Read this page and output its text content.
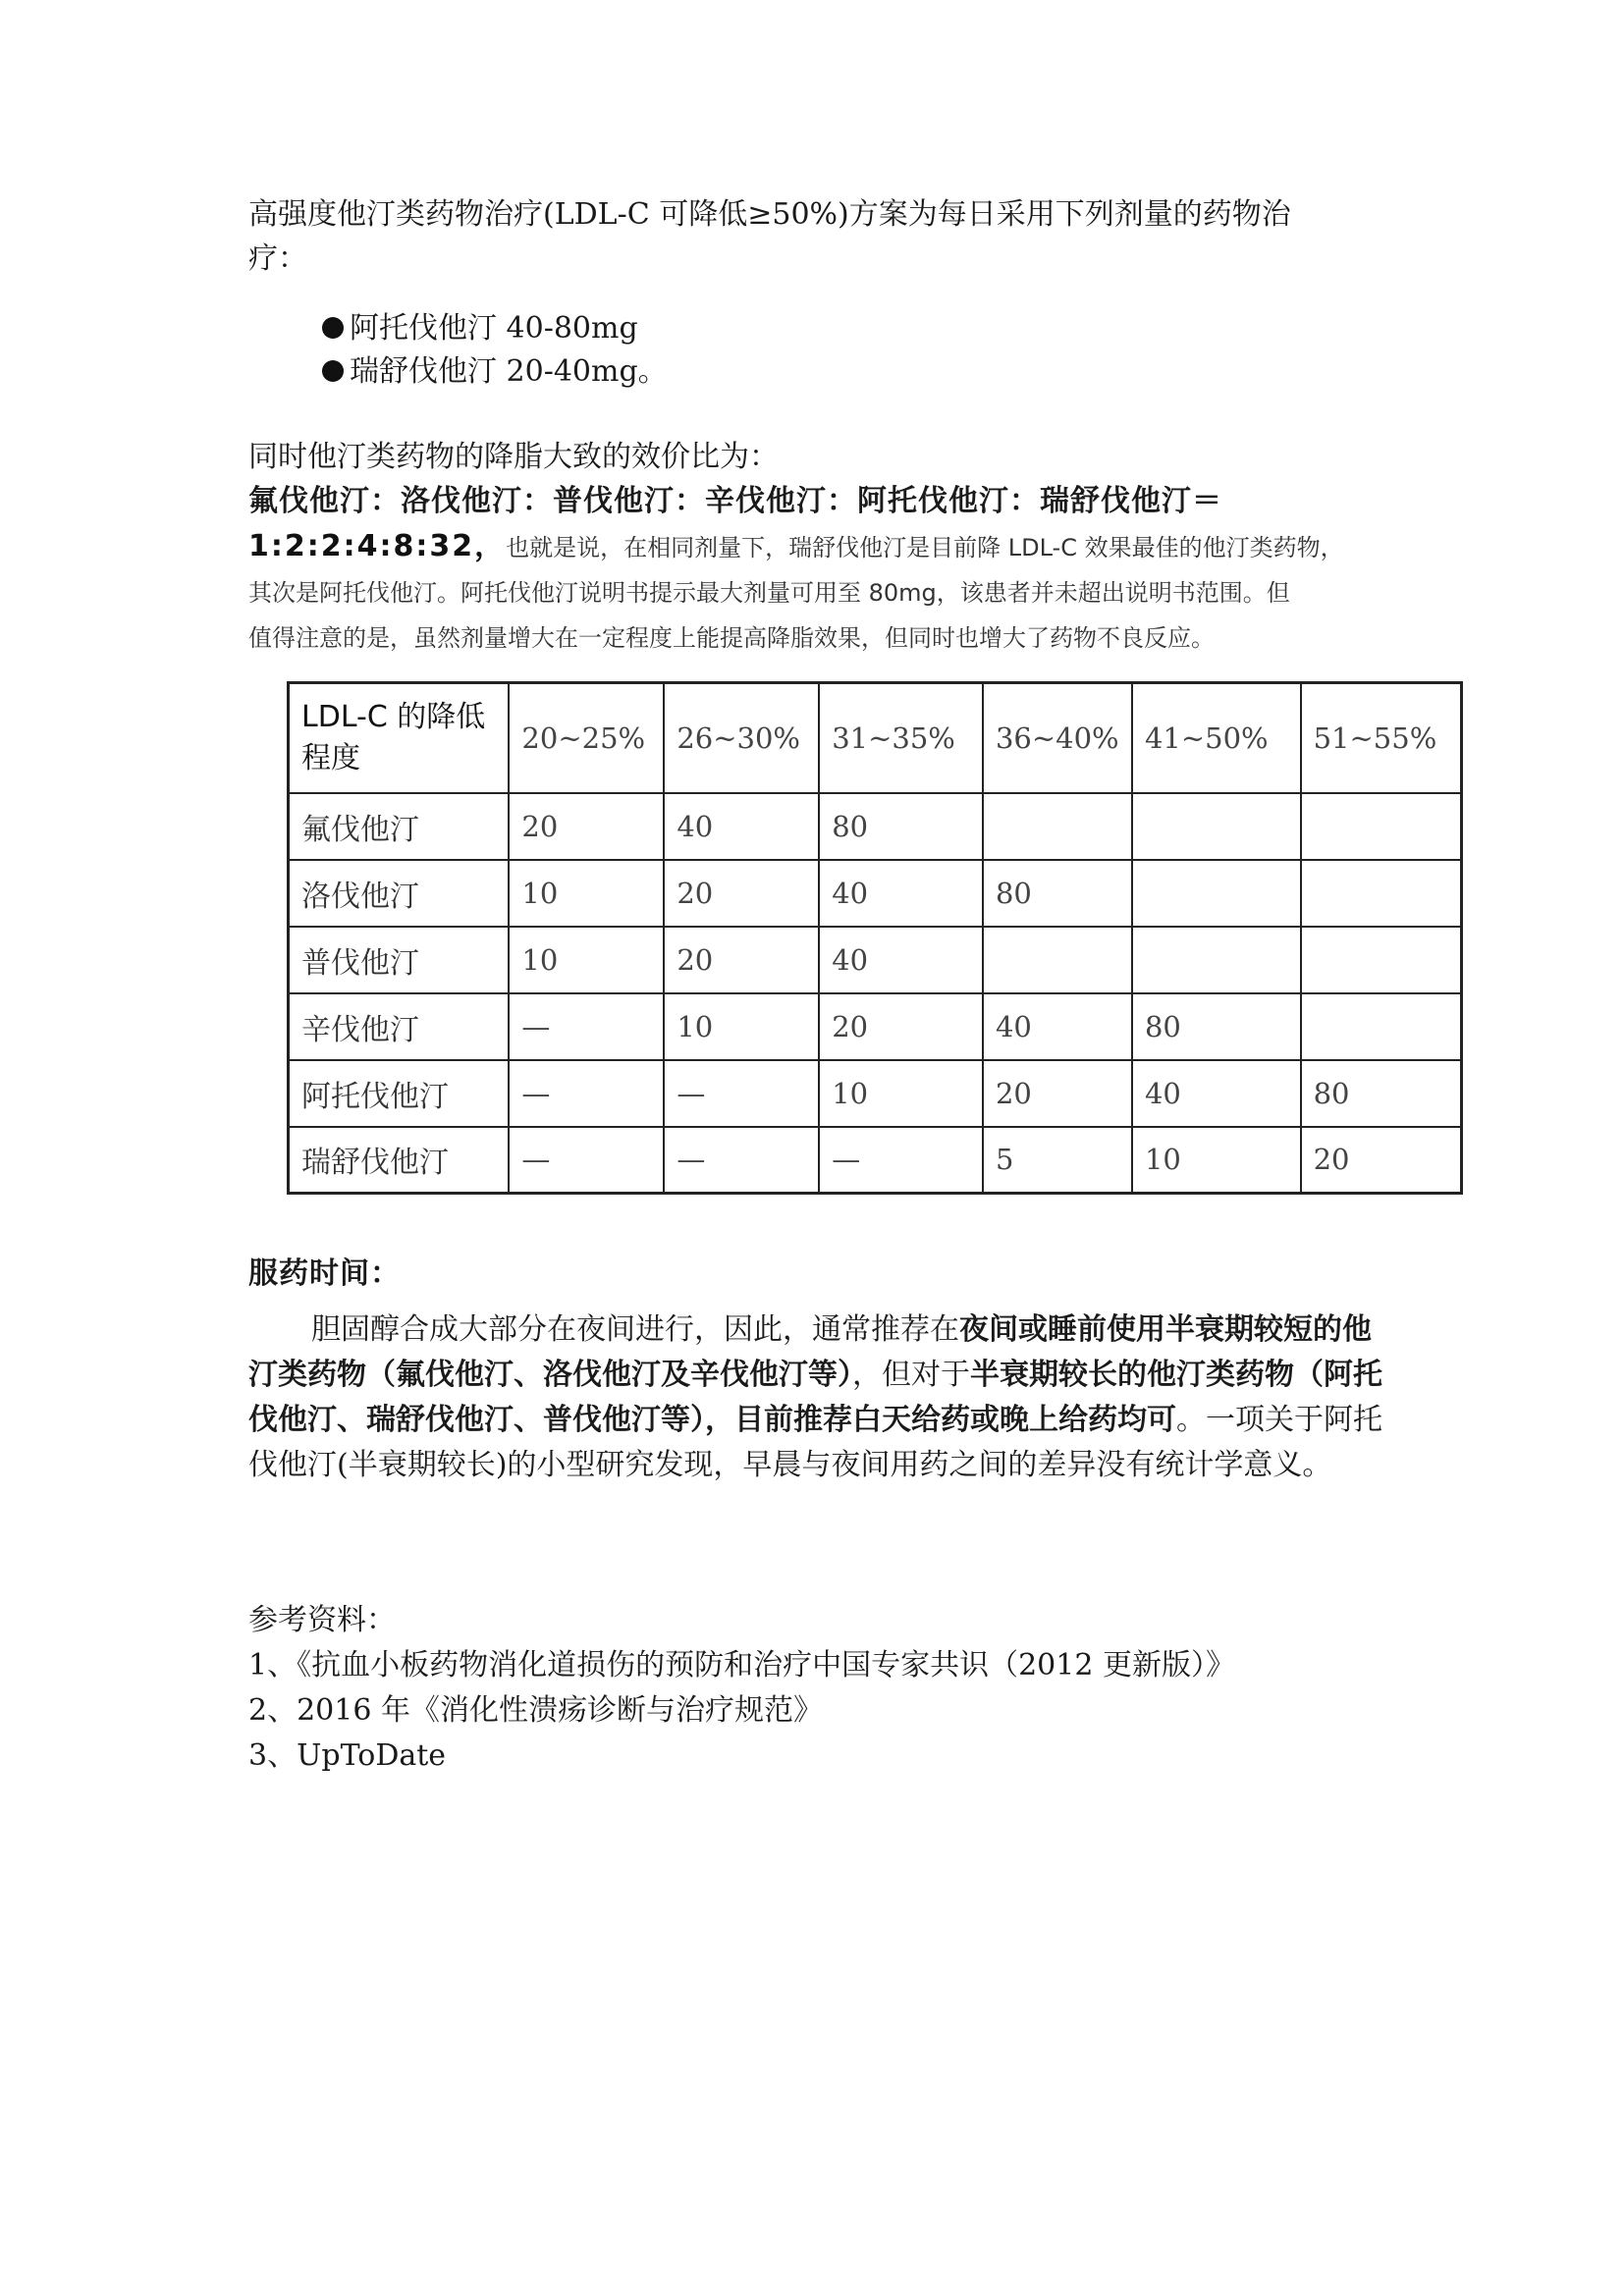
高强度他汀类药物治疗(LDL-C 可降低≥50%)方案为每日采用下列剂量的药物治
疗：

阿托伐他汀 40-80mg
瑞舒伐他汀 20-40mg。
同时他汀类药物的降脂大致的效价比为：
氟伐他汀：洛伐他汀：普伐他汀：辛伐他汀：阿托伐他汀：瑞舒伐他汀＝
1:2:2:4:8:32，也就是说，在相同剂量下，瑞舒伐他汀是目前降 LDL-C 效果最佳的他汀类药物，
其次是阿托伐他汀。阿托伐他汀说明书提示最大剂量可用至 80mg，该患者并未超出说明书范围。但
值得注意的是，虽然剂量增大在一定程度上能提高降脂效果，但同时也增大了药物不良反应。
LDL-C 的降低
程度	20~25%	26~30%	31~35%	36~40%	41~50%	51~55%
氟伐他汀	20	40	80			
洛伐他汀	10	20	40	80		
普伐他汀	10	20	40			
辛伐他汀	—	10	20	40	80	
阿托伐他汀	—	—	10	20	40	80
瑞舒伐他汀	—	—	—	5	10	20
服药时间：
胆固醇合成大部分在夜间进行，因此，通常推荐在夜间或睡前使用半衰期较短的他汀类药物（氟伐他汀、洛伐他汀及辛伐他汀等），但对于半衰期较长的他汀类药物（阿托伐他汀、瑞舒伐他汀、普伐他汀等），目前推荐白天给药或晚上给药均可。一项关于阿托伐他汀(半衰期较长)的小型研究发现，早晨与夜间用药之间的差异没有统计学意义。
参考资料：
1、《抗血小板药物消化道损伤的预防和治疗中国专家共识（2012 更新版）》
2、2016 年《消化性溃疡诊断与治疗规范》
3、UpToDate
